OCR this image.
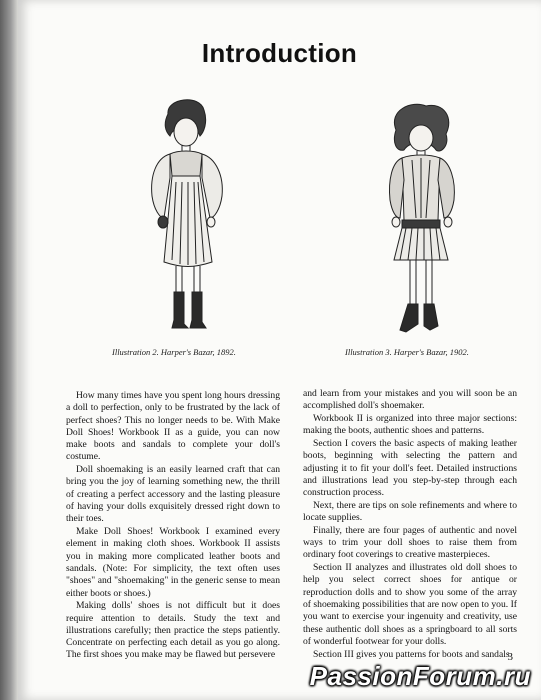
Introduction
Illustration 2. Harper's Bazar, 1892.	Illustration 3. Harper's Bazar, 1902.

How many times have you spent long hours dressing a doll to perfection, only to be frustrated by the lack of perfect shoes? This no longer needs to be. With Make Doll Shoes! Workbook II as a guide, you can now make boots and sandals to complete your doll's costume.

Doll shoemaking is an easily learned craft that can bring you the joy of learning something new, the thrill of creating a perfect accessory and the lasting pleasure of having your dolls exquisitely dressed right down to their toes.

Make Doll Shoes! Workbook I examined every element in making cloth shoes. Workbook II assists you in making more complicated leather boots and sandals. (Note: For simplicity, the text often uses "shoes" and "shoemaking" in the generic sense to mean either boots or shoes.)

Making dolls' shoes is not difficult but it does require attention to details. Study the text and illustrations carefully; then practice the steps patiently. Concentrate on perfecting each detail as you go along. The first shoes you make may be flawed but persevere

and learn from your mistakes and you will soon be an accomplished doll's shoemaker.

Workbook II is organized into three major sections: making the boots, authentic shoes and patterns.

Section I covers the basic aspects of making leather boots, beginning with selecting the pattern and adjusting it to fit your doll's feet. Detailed instructions and illustrations lead you step-by-step through each construction process.

Next, there are tips on sole refinements and where to locate supplies.

Finally, there are four pages of authentic and novel ways to trim your doll shoes to raise them from ordinary foot coverings to creative masterpieces.

Section II analyzes and illustrates old doll shoes to help you select correct shoes for antique or reproduction dolls and to show you some of the array of shoemaking possibilities that are now open to you. If you want to exercise your ingenuity and creativity, use these authentic doll shoes as a springboard to all sorts of wonderful footwear for your dolls.

Section III gives you patterns for boots and sandals

3
PassionForum.ru
